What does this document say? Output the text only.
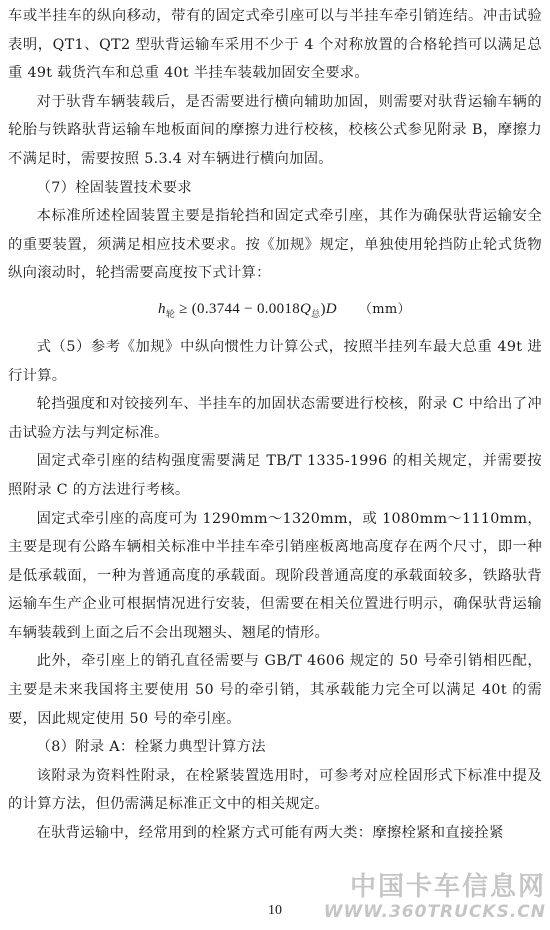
车或半挂车的纵向移动，带有的固定式牵引座可以与半挂车牵引销连结。冲击试验表明，QT1、QT2 型驮背运输车采用不少于 4 个对称放置的合格轮挡可以满足总重 49t 载货汽车和总重 40t 半挂车装载加固安全要求。

对于驮背车辆装载后，是否需要进行横向辅助加固，则需要对驮背运输车辆的轮胎与铁路驮背运输车地板面间的摩擦力进行校核，校核公式参见附录 B，摩擦力不满足时，需要按照 5.3.4 对车辆进行横向加固。

（7）栓固装置技术要求

本标准所述栓固装置主要是指轮挡和固定式牵引座，其作为确保驮背运输安全的重要装置，须满足相应技术要求。按《加规》规定，单独使用轮挡防止轮式货物纵向滚动时，轮挡需要高度按下式计算：

$h_轮 \ge (0.3744 - 0.0018Q_总)D$ （mm）

式（5）参考《加规》中纵向惯性力计算公式，按照半挂列车最大总重 49t 进行计算。

轮挡强度和对铰接列车、半挂车的加固状态需要进行校核，附录 C 中给出了冲击试验方法与判定标准。

固定式牵引座的结构强度需要满足 TB/T 1335-1996 的相关规定，并需要按照附录 C 的方法进行考核。

固定式牵引座的高度可为 1290mm～1320mm，或 1080mm～1110mm，主要是现有公路车辆相关标准中半挂车牵引销座板离地高度存在两个尺寸，即一种是低承载面，一种为普通高度的承载面。现阶段普通高度的承载面较多，铁路驮背运输车生产企业可根据情况进行安装，但需要在相关位置进行明示，确保驮背运输车辆装载到上面之后不会出现翘头、翘尾的情形。

此外，牵引座上的销孔直径需要与 GB/T 4606 规定的 50 号牵引销相匹配，主要是未来我国将主要使用 50 号的牵引销，其承载能力完全可以满足 40t 的需要，因此规定使用 50 号的牵引座。

（8）附录 A：栓紧力典型计算方法

该附录为资料性附录，在栓紧装置选用时，可参考对应栓固形式下标准中提及的计算方法，但仍需满足标准正文中的相关规定。

在驮背运输中，经常用到的栓紧方式可能有两大类：摩擦栓紧和直接拴紧

10
中国卡车信息网
WWW.360TRUCKS.CN
